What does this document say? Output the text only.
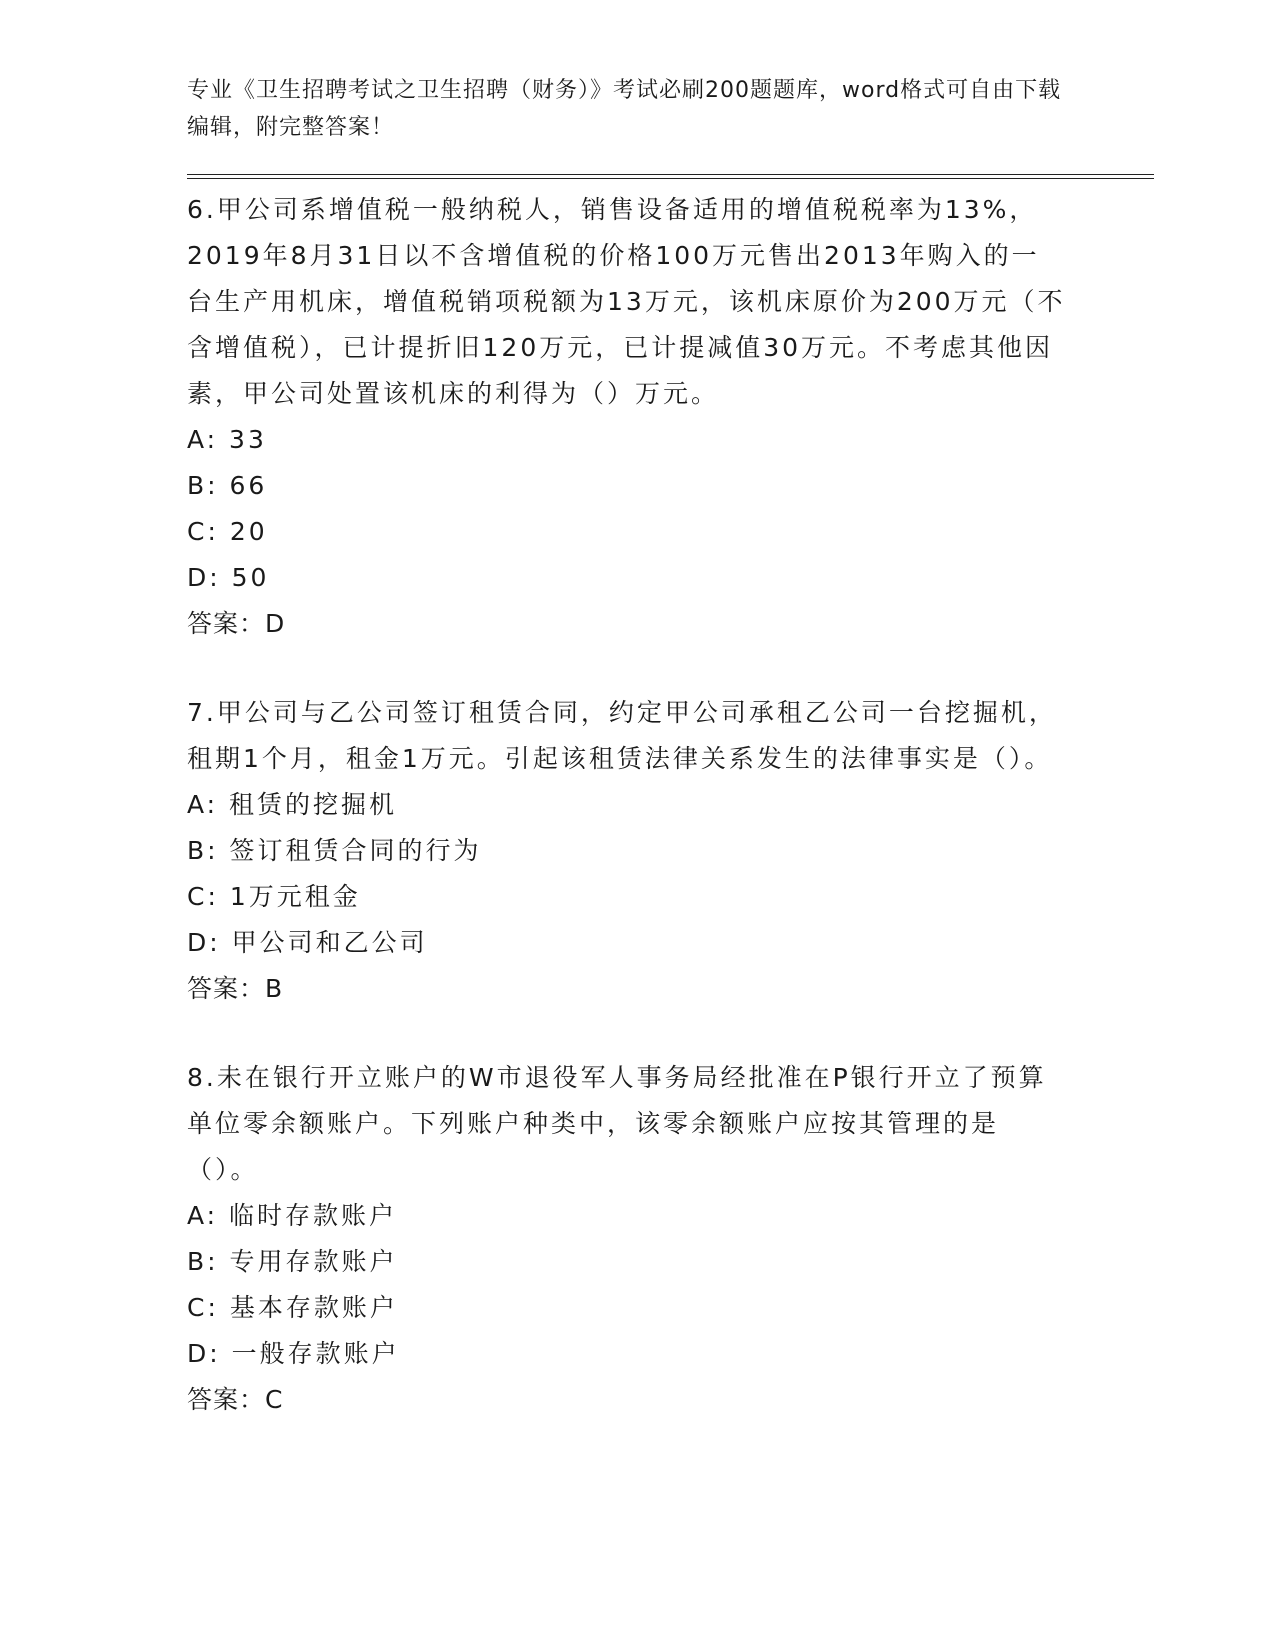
专业《卫生招聘考试之卫生招聘（财务）》考试必刷200题题库，word格式可自由下载编辑，附完整答案！

6.甲公司系增值税一般纳税人，销售设备适用的增值税税率为13%，2019年8月31日以不含增值税的价格100万元售出2013年购入的一台生产用机床，增值税销项税额为13万元，该机床原价为200万元（不含增值税），已计提折旧120万元，已计提减值30万元。不考虑其他因素，甲公司处置该机床的利得为（）万元。

A: 33

B: 66

C: 20

D: 50

答案：D

7.甲公司与乙公司签订租赁合同，约定甲公司承租乙公司一台挖掘机，租期1个月，租金1万元。引起该租赁法律关系发生的法律事实是（）。

A: 租赁的挖掘机

B: 签订租赁合同的行为

C: 1万元租金

D: 甲公司和乙公司

答案：B

8.未在银行开立账户的W市退役军人事务局经批准在P银行开立了预算单位零余额账户。下列账户种类中，该零余额账户应按其管理的是（）。

A: 临时存款账户

B: 专用存款账户

C: 基本存款账户

D: 一般存款账户

答案：C
